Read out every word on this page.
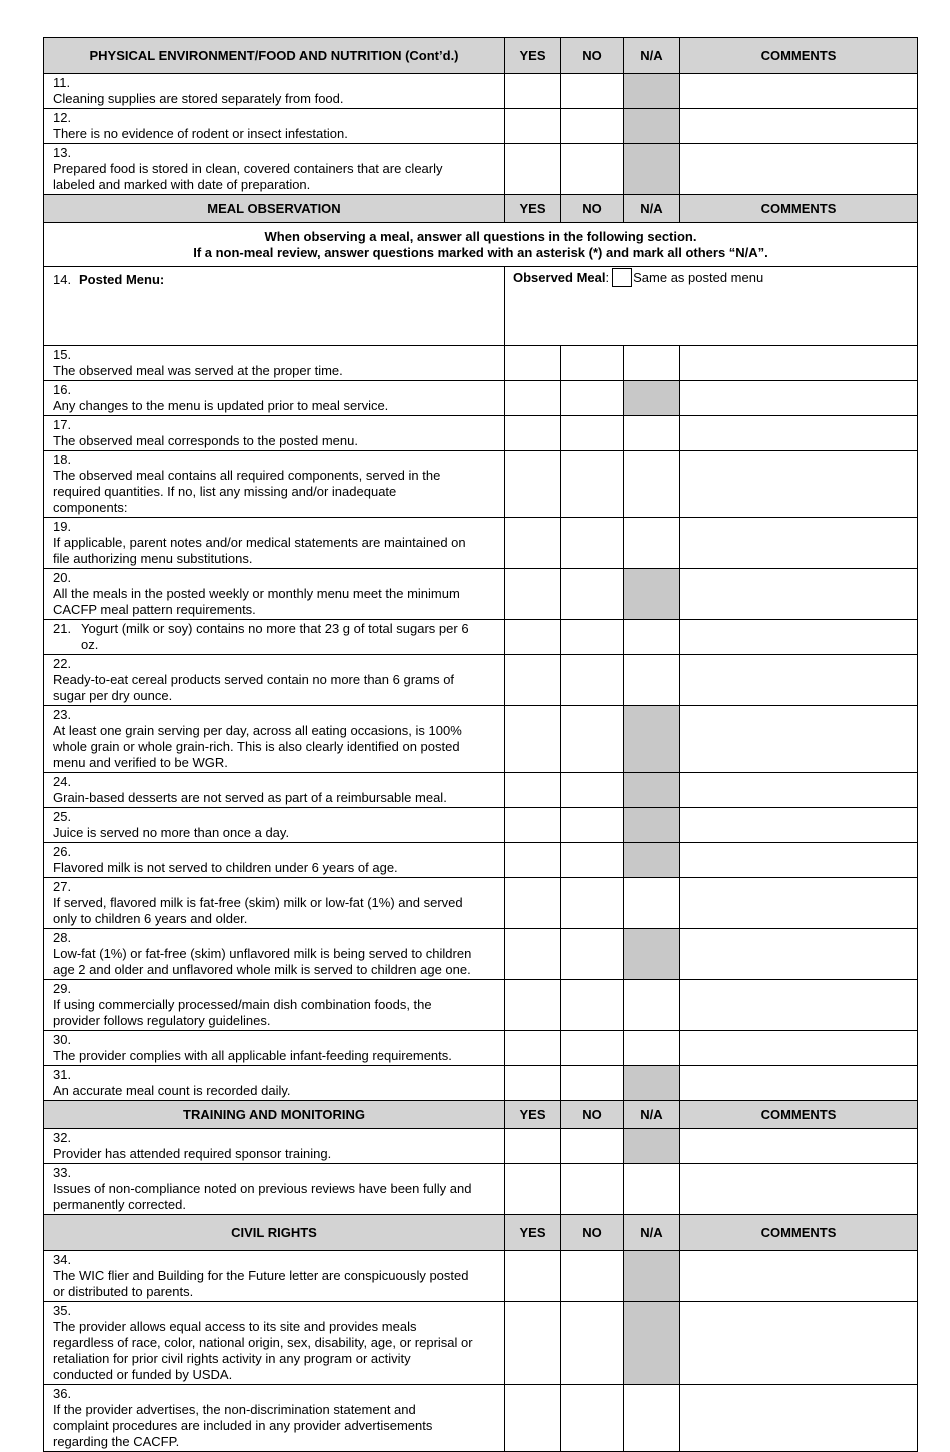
PHYSICAL ENVIRONMENT/FOOD AND NUTRITION (Cont’d.)	YES	NO	N/A	COMMENTS
11.Cleaning supplies are stored separately from food.				
12.There is no evidence of rodent or insect infestation.				
13.Prepared food is stored in clean, covered containers that are clearly labeled and marked with date of preparation.				
MEAL OBSERVATION	YES	NO	N/A	COMMENTS

When observing a meal, answer all questions in the following section.
If a non-meal review, answer questions marked with an asterisk (*) and mark all others “N/A”.				

14. Posted Menu:	Observed Meal: Same as posted menu			
15.The observed meal was served at the proper time.				
16.Any changes to the menu is updated prior to meal service.				
17.The observed meal corresponds to the posted menu.				
18.The observed meal contains all required components, served in the required quantities. If no, list any missing and/or inadequate components:				
19.If applicable, parent notes and/or medical statements are maintained on file authorizing menu substitutions.				
20.All the meals in the posted weekly or monthly menu meet the minimum CACFP meal pattern requirements.				
21. Yogurt (milk or soy) contains no more that 23 g of total sugars per 6 oz.				
22.Ready-to-eat cereal products served contain no more than 6 grams of sugar per dry ounce.				
23.At least one grain serving per day, across all eating occasions, is 100% whole grain or whole grain-rich. This is also clearly identified on posted menu and verified to be WGR.				
24.Grain-based desserts are not served as part of a reimbursable meal.				
25.Juice is served no more than once a day.				
26.Flavored milk is not served to children under 6 years of age.				
27.If served, flavored milk is fat-free (skim) milk or low-fat (1%) and served only to children 6 years and older.				
28.Low-fat (1%) or fat-free (skim) unflavored milk is being served to children age 2 and older and unflavored whole milk is served to children age one.				
29.If using commercially processed/main dish combination foods, the provider follows regulatory guidelines.				
30.The provider complies with all applicable infant-feeding requirements.				
31.An accurate meal count is recorded daily.				
TRAINING AND MONITORING	YES	NO	N/A	COMMENTS
32.Provider has attended required sponsor training.				
33.Issues of non-compliance noted on previous reviews have been fully and permanently corrected.				
CIVIL RIGHTS	YES	NO	N/A	COMMENTS
34.The WIC flier and Building for the Future letter are conspicuously posted or distributed to parents.				
35.The provider allows equal access to its site and provides meals regardless of race, color, national origin, sex, disability, age, or reprisal or retaliation for prior civil rights activity in any program or activity conducted or funded by USDA.				
36.If the provider advertises, the non-discrimination statement and complaint procedures are included in any provider advertisements regarding the CACFP.				
